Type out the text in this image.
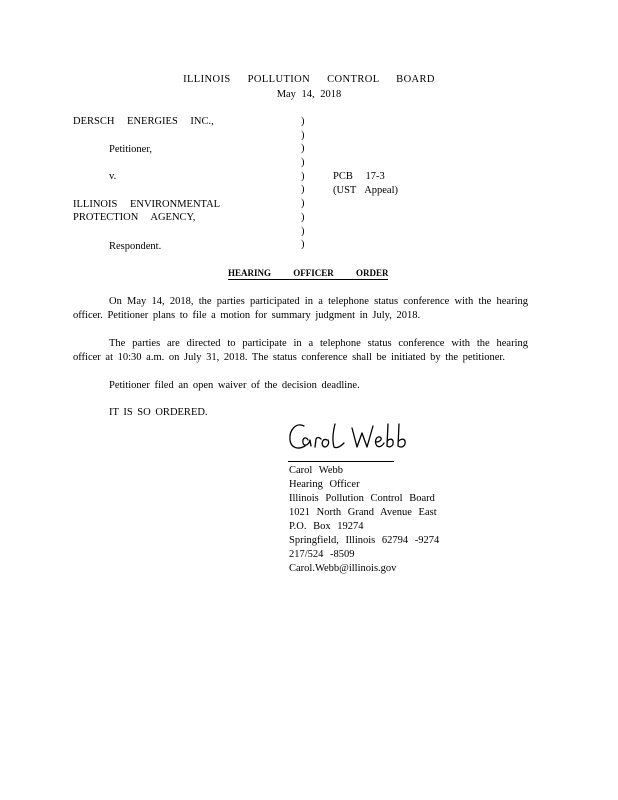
ILLINOIS POLLUTION CONTROL BOARD
May 14, 2018
DERSCH ENERGIES INC.,
Petitioner,
v.
ILLINOIS ENVIRONMENTAL
PROTECTION AGENCY,
Respondent.
)
)
)
)
)
)
)
)
)
)
PCB 17-3
(UST Appeal)
HEARING OFFICER ORDER
On May 14, 2018, the parties participated in a telephone status conference with the hearing officer. Petitioner plans to file a motion for summary judgment in July, 2018.
The parties are directed to participate in a telephone status conference with the hearing officer at 10:30 a.m. on July 31, 2018. The status conference shall be initiated by the petitioner.
Petitioner filed an open waiver of the decision deadline.
IT IS SO ORDERED.
Carol Webb
Hearing Officer
Illinois Pollution Control Board
1021 North Grand Avenue East
P.O. Box 19274
Springfield, Illinois 62794 -9274
217/524 -8509
Carol.Webb@illinois.gov
